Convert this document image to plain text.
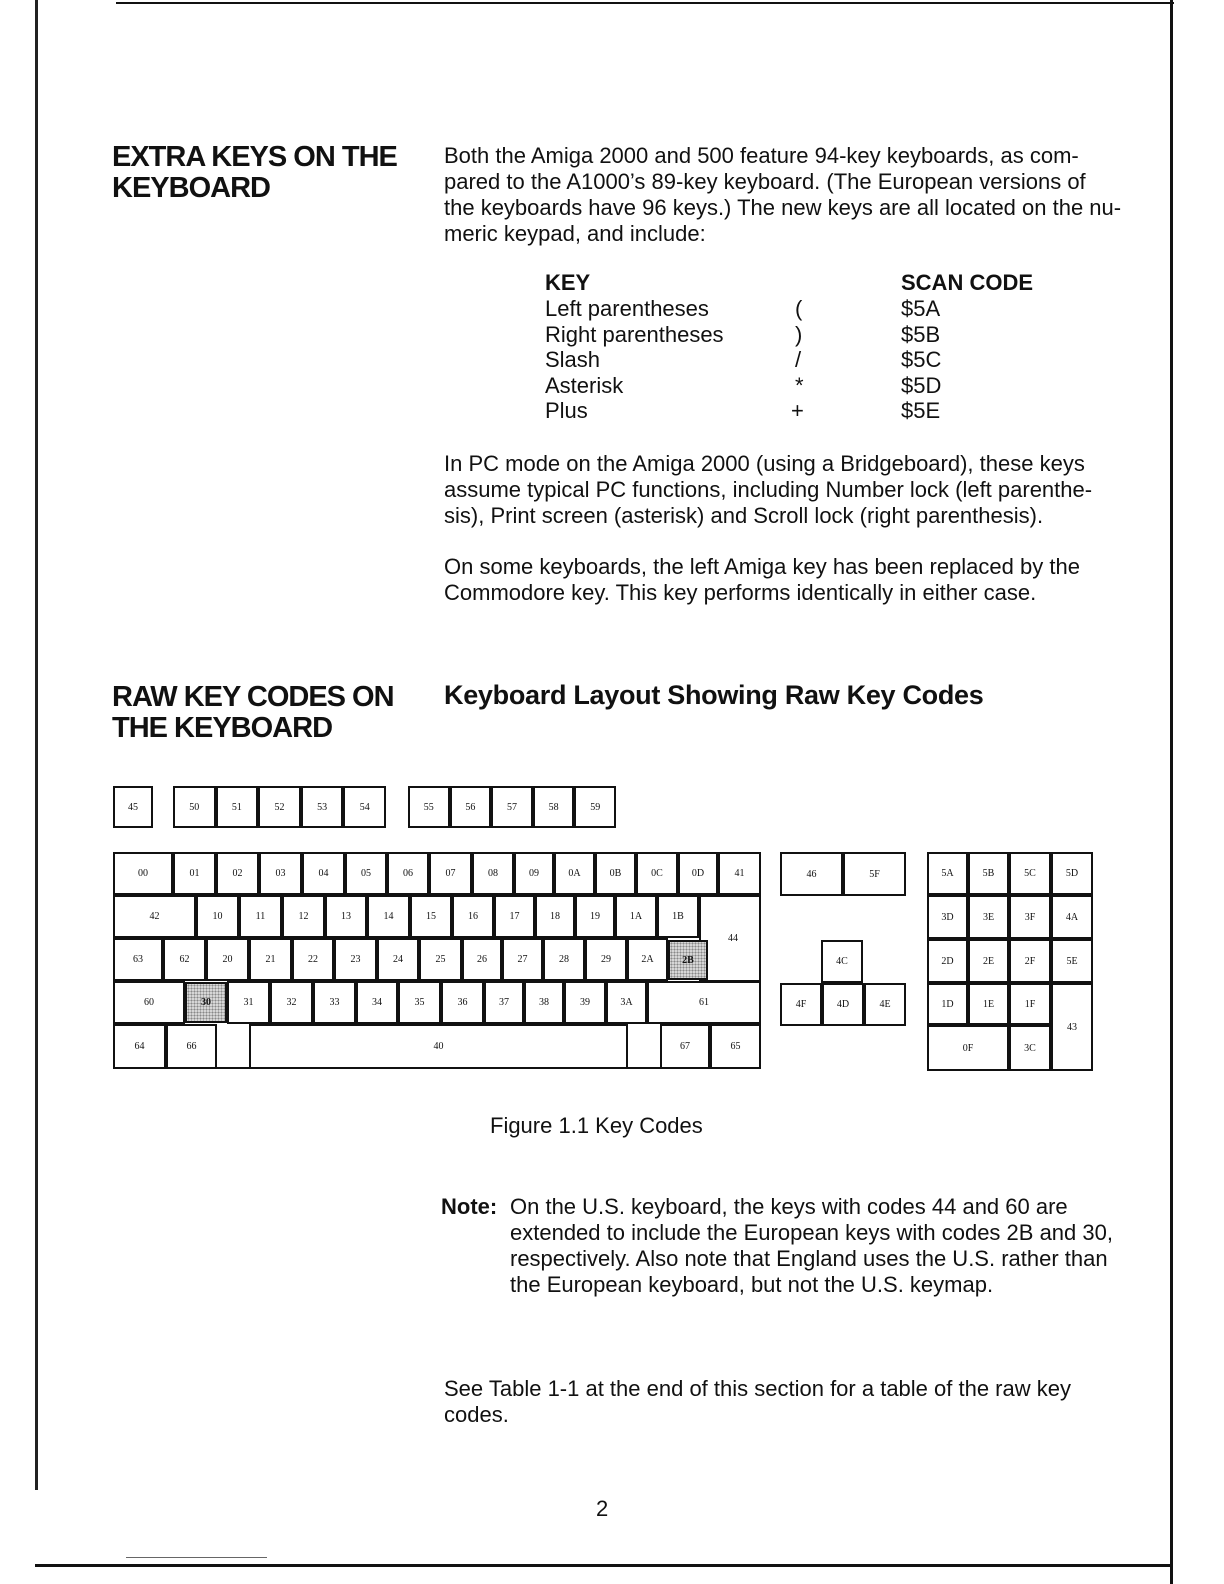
EXTRA KEYS ON THE
KEYBOARD
Both the Amiga 2000 and 500 feature 94-key keyboards, as com-
pared to the A1000’s 89-key keyboard. (The European versions of
the keyboards have 96 keys.) The new keys are all located on the nu-
meric keypad, and include:
KEY	SCAN CODE
Left parentheses	(	$5A
Right parentheses	)	$5B
Slash	/	$5C
Asterisk	*	$5D
Plus	+	$5E
In PC mode on the Amiga 2000 (using a Bridgeboard), these keys
assume typical PC functions, including Number lock (left parenthe-
sis), Print screen (asterisk) and Scroll lock (right parenthesis).
On some keyboards, the left Amiga key has been replaced by the
Commodore key. This key performs identically in either case.
RAW KEY CODES ON
THE KEYBOARD
Keyboard Layout Showing Raw Key Codes
45	50	51	52	53	54	55	56	57	58	59
00	01	02	03	04	05	06	07	08	09	0A	0B	0C	0D	41
42	10	11	12	13	14	15	16	17	18	19	1A	1B
44
63	62	20	21	22	23	24	25	26	27	28	29	2A	2B
60	30	31	32	33	34	35	36	37	38	39	3A	61
64	66	40	67	65
46	5F
4C
4F	4D	4E
5A	5B	5C	5D
3D	3E	3F	4A
2D	2E	2F	5E
1D	1E	1F
43
0F	3C
Figure 1.1 Key Codes
Note: On the U.S. keyboard, the keys with codes 44 and 60 are
extended to include the European keys with codes 2B and 30,
respectively. Also note that England uses the U.S. rather than
the European keyboard, but not the U.S. keymap.
See Table 1-1 at the end of this section for a table of the raw key
codes.
2
